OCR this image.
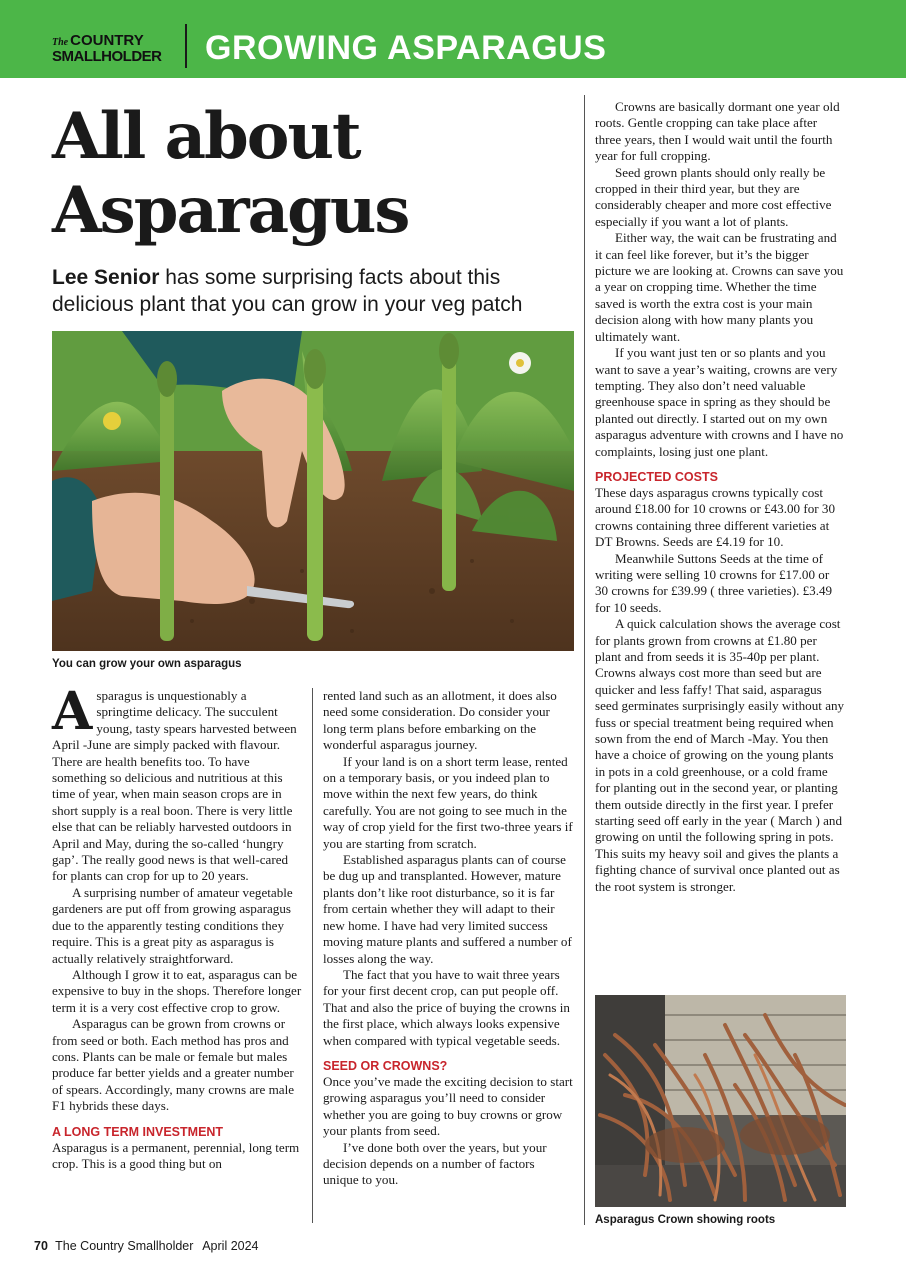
The COUNTRY
SMALLHOLDER	GROWING ASPARAGUS
All about
Asparagus

Lee Senior has some surprising facts about this delicious plant that you can grow in your veg patch

You can grow your own asparagus

Asparagus is unquestionably a springtime delicacy. The succulent young, tasty spears harvested between April -June are simply packed with flavour. There are health benefits too. To have something so delicious and nutritious at this time of year, when main season crops are in short supply is a real boon. There is very little else that can be reliably harvested outdoors in April and May, during the so-called ‘hungry gap’. The really good news is that well-cared for plants can crop for up to 20 years.

A surprising number of amateur vegetable gardeners are put off from growing asparagus due to the apparently testing conditions they require. This is a great pity as asparagus is actually relatively straightforward.

Although I grow it to eat, asparagus can be expensive to buy in the shops. Therefore longer term it is a very cost effective crop to grow.

Asparagus can be grown from crowns or from seed or both. Each method has pros and cons. Plants can be male or female but males produce far better yields and a greater number of spears. Accordingly, many crowns are male F1 hybrids these days.

A LONG TERM INVESTMENT

Asparagus is a permanent, perennial, long term crop. This is a good thing but on

rented land such as an allotment, it does also need some consideration. Do consider your long term plans before embarking on the wonderful asparagus journey.

If your land is on a short term lease, rented on a temporary basis, or you indeed plan to move within the next few years, do think carefully. You are not going to see much in the way of crop yield for the first two-three years if you are starting from scratch.

Established asparagus plants can of course be dug up and transplanted. However, mature plants don’t like root disturbance, so it is far from certain whether they will adapt to their new home. I have had very limited success moving mature plants and suffered a number of losses along the way.

The fact that you have to wait three years for your first decent crop, can put people off. That and also the price of buying the crowns in the first place, which always looks expensive when compared with typical vegetable seeds.

SEED OR CROWNS?

Once you’ve made the exciting decision to start growing asparagus you’ll need to consider whether you are going to buy crowns or grow your plants from seed.

I’ve done both over the years, but your decision depends on a number of factors unique to you.

Crowns are basically dormant one year old roots. Gentle cropping can take place after three years, then I would wait until the fourth year for full cropping.

Seed grown plants should only really be cropped in their third year, but they are considerably cheaper and more cost effective especially if you want a lot of plants.

Either way, the wait can be frustrating and it can feel like forever, but it’s the bigger picture we are looking at. Crowns can save you a year on cropping time. Whether the time saved is worth the extra cost is your main decision along with how many plants you ultimately want.

If you want just ten or so plants and you want to save a year’s waiting, crowns are very tempting. They also don’t need valuable greenhouse space in spring as they should be planted out directly. I started out on my own asparagus adventure with crowns and I have no complaints, losing just one plant.

PROJECTED COSTS

These days asparagus crowns typically cost around £18.00 for 10 crowns or £43.00 for 30 crowns containing three different varieties at DT Browns. Seeds are £4.19 for 10.

Meanwhile Suttons Seeds at the time of writing were selling 10 crowns for £17.00 or 30 crowns for £39.99 ( three varieties). £3.49 for 10 seeds.

A quick calculation shows the average cost for plants grown from crowns at £1.80 per plant and from seeds it is 35-40p per plant. Crowns always cost more than seed but are quicker and less faffy! That said, asparagus seed germinates surprisingly easily without any fuss or special treatment being required when sown from the end of March -May. You then have a choice of growing on the young plants in pots in a cold greenhouse, or a cold frame for planting out in the second year, or planting them outside directly in the first year. I prefer starting seed off early in the year ( March ) and growing on until the following spring in pots. This suits my heavy soil and gives the plants a fighting chance of survival once planted out as the root system is stronger.

Asparagus Crown showing roots
70 The Country Smallholder April 2024
